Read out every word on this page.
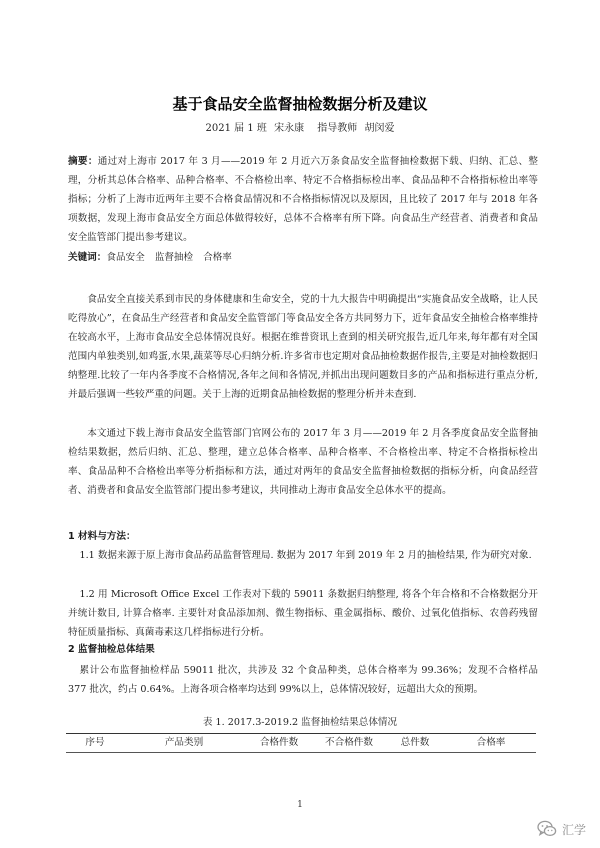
基于食品安全监督抽检数据分析及建议
2021 届 1 班 宋永康 指导教师 胡闵爱
摘要：通过对上海市 2017 年 3 月——2019 年 2 月近六万条食品安全监督抽检数据下载、归纳、汇总、整理，分析其总体合格率、品种合格率、不合格检出率、特定不合格指标检出率、食品品种不合格指标检出率等指标；分析了上海市近两年主要不合格食品情况和不合格指标情况以及原因，且比较了 2017 年与 2018 年各项数据，发现上海市食品安全方面总体做得较好，总体不合格率有所下降。向食品生产经营者、消费者和食品安全监管部门提出参考建议。
关键词：食品安全 监督抽检 合格率
食品安全直接关系到市民的身体健康和生命安全，党的十九大报告中明确提出“实施食品安全战略，让人民吃得放心”，在食品生产经营者和食品安全监管部门等食品安全各方共同努力下，近年食品安全抽检合格率维持在较高水平，上海市食品安全总体情况良好。根据在维普资讯上查到的相关研究报告,近几年来,每年都有对全国范围内单独类别,如鸡蛋,水果,蔬菜等尽心归纳分析.许多省市也定期对食品抽检数据作报告,主要是对抽检数据归纳整理.比较了一年内各季度不合格情况,各年之间和各情况,并抓出出现问题数目多的产品和指标进行重点分析,并最后强调一些较严重的问题。关于上海的近期食品抽检数据的整理分析并未查到.
本文通过下载上海市食品安全监管部门官网公布的 2017 年 3 月——2019 年 2 月各季度食品安全监督抽检结果数据，然后归纳、汇总、整理，建立总体合格率、品种合格率、不合格检出率、特定不合格指标检出率、食品品种不合格检出率等分析指标和方法，通过对两年的食品安全监督抽检数据的指标分析，向食品经营者、消费者和食品安全监管部门提出参考建议，共同推动上海市食品安全总体水平的提高。
1 材料与方法：
1.1 数据来源于原上海市食品药品监督管理局. 数据为 2017 年到 2019 年 2 月的抽检结果, 作为研究对象.
1.2 用 Microsoft Office Excel 工作表对下载的 59011 条数据归纳整理, 将各个年合格和不合格数据分开并统计数目, 计算合格率. 主要针对食品添加剂、微生物指标、重金属指标、酸价、过氧化值指标、农兽药残留特征质量指标、真菌毒素这几样指标进行分析。
2 监督抽检总体结果
累计公布监督抽检样品 59011 批次，共涉及 32 个食品种类，总体合格率为 99.36%；发现不合格样品 377 批次，约占 0.64%。上海各项合格率均达到 99%以上，总体情况较好，远超出大众的预期。
表 1. 2017.3-2019.2 监督抽检结果总体情况
序号	产品类别	合格件数	不合格件数	总件数	合格率
1
汇学
